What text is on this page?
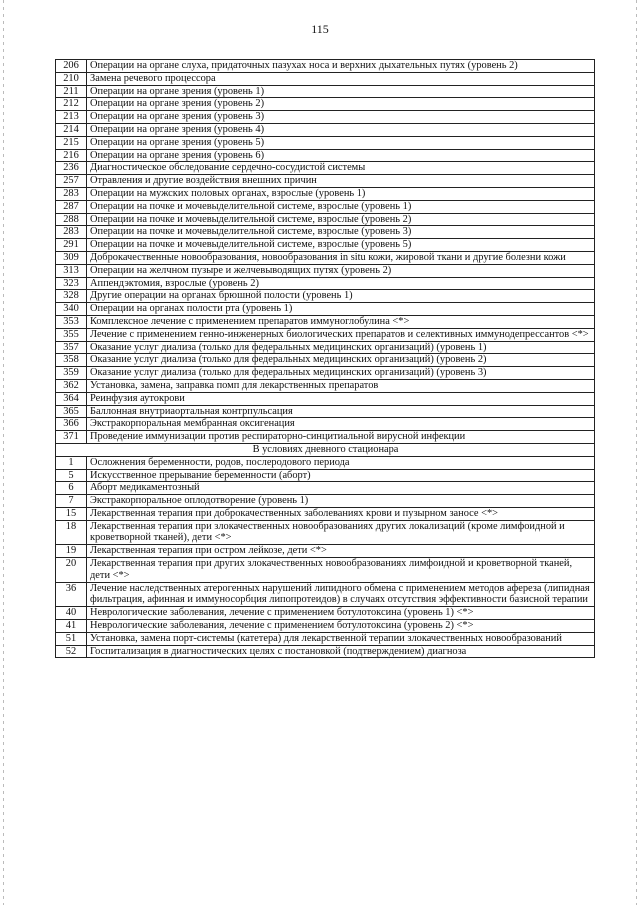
115
206	Операции на органе слуха, придаточных пазухах носа и верхних дыхательных путях (уровень 2)
210	Замена речевого процессора
211	Операции на органе зрения (уровень 1)
212	Операции на органе зрения (уровень 2)
213	Операции на органе зрения (уровень 3)
214	Операции на органе зрения (уровень 4)
215	Операции на органе зрения (уровень 5)
216	Операции на органе зрения (уровень 6)
236	Диагностическое обследование сердечно-сосудистой системы
257	Отравления и другие воздействия внешних причин
283	Операции на мужских половых органах, взрослые (уровень 1)
287	Операции на почке и мочевыделительной системе, взрослые (уровень 1)
288	Операции на почке и мочевыделительной системе, взрослые (уровень 2)
283	Операции на почке и мочевыделительной системе, взрослые (уровень 3)
291	Операции на почке и мочевыделительной системе, взрослые (уровень 5)
309	Доброкачественные новообразования, новообразования in situ кожи, жировой ткани и другие болезни кожи
313	Операции на желчном пузыре и желчевыводящих путях (уровень 2)
323	Аппендэктомия, взрослые (уровень 2)
328	Другие операции на органах брюшной полости (уровень 1)
340	Операции на органах полости рта (уровень 1)
353	Комплексное лечение с применением препаратов иммуноглобулина <*>
355	Лечение с применением генно-инженерных биологических препаратов и селективных иммунодепрессантов <*>
357	Оказание услуг диализа (только для федеральных медицинских организаций) (уровень 1)
358	Оказание услуг диализа (только для федеральных медицинских организаций) (уровень 2)
359	Оказание услуг диализа (только для федеральных медицинских организаций) (уровень 3)
362	Установка, замена, заправка помп для лекарственных препаратов
364	Реинфузия аутокрови
365	Баллонная внутриаортальная контрпульсация
366	Экстракорпоральная мембранная оксигенация
371	Проведение иммунизации против респираторно-синцитиальной вирусной инфекции
В условиях дневного стационара	
1	Осложнения беременности, родов, послеродового периода
5	Искусственное прерывание беременности (аборт)
6	Аборт медикаментозный
7	Экстракорпоральное оплодотворение (уровень 1)
15	Лекарственная терапия при доброкачественных заболеваниях крови и пузырном заносе <*>
18	Лекарственная терапия при злокачественных новообразованиях других локализаций (кроме лимфоидной и кроветворной тканей), дети <*>
19	Лекарственная терапия при остром лейкозе, дети <*>
20	Лекарственная терапия при других злокачественных новообразованиях лимфоидной и кроветворной тканей, дети <*>
36	Лечение наследственных атерогенных нарушений липидного обмена с применением методов афереза (липидная фильтрация, афинная и иммуносорбция липопротеидов) в случаях отсутствия эффективности базисной терапии
40	Неврологические заболевания, лечение с применением ботулотоксина (уровень 1) <*>
41	Неврологические заболевания, лечение с применением ботулотоксина (уровень 2) <*>
51	Установка, замена порт-системы (катетера) для лекарственной терапии злокачественных новообразований
52	Госпитализация в диагностических целях с постановкой (подтверждением) диагноза
